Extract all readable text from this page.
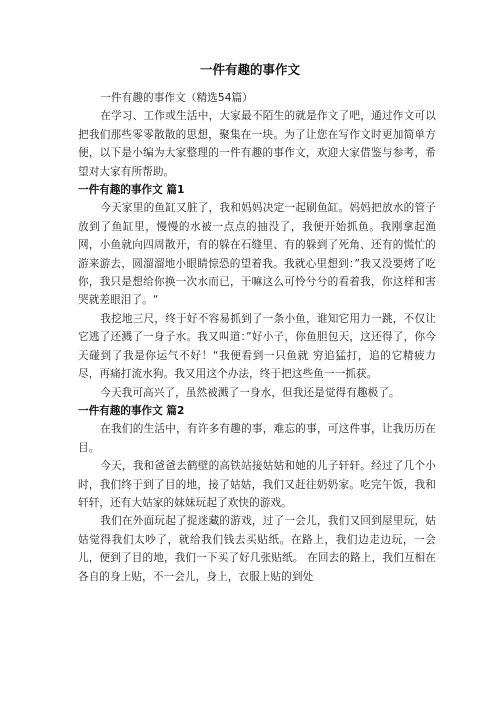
一件有趣的事作文

一件有趣的事作文（精选54篇）

在学习、工作或生活中，大家最不陌生的就是作文了吧，通过作文可以把我们那些零零散散的思想，聚集在一块。为了让您在写作文时更加简单方便，以下是小编为大家整理的一件有趣的事作文，欢迎大家借鉴与参考，希望对大家有所帮助。

一件有趣的事作文 篇1

今天家里的鱼缸又脏了，我和妈妈决定一起刷鱼缸。妈妈把放水的管子放到了鱼缸里，慢慢的水被一点点的抽没了，我便开始抓鱼。我刚拿起渔网，小鱼就向四周散开，有的躲在石缝里、有的躲到了死角、还有的慌忙的游来游去，圆溜溜地小眼睛惊恐的望着我。我就心里想到：”我又没要烤了吃你，我只是想给你换一次水而已，干嘛这么可怜兮兮的看着我，你这样和害哭就差眼泪了。“

我挖地三尺，终于好不容易抓到了一条小鱼，谁知它用力一跳，不仅让它逃了还溅了一身子水。我又叫道：”好小子，你鱼胆包天，这还得了，你今天碰到了我是你运气不好！“我便看到一只鱼就 穷追猛打，追的它精疲力尽，再痛打流水狗。我又用这个办法，终于把这些鱼一一抓获。

今天我可高兴了，虽然被溅了一身水，但我还是觉得有趣极了。

一件有趣的事作文 篇2

在我们的生活中，有许多有趣的事，难忘的事，可这件事，让我历历在目。

今天，我和爸爸去鹤壁的高铁站接姑姑和她的儿子轩轩。经过了几个小时，我们终于到了目的地，接了姑姑，我们又赶往奶奶家。吃完午饭，我和轩轩，还有大姑家的妹妹玩起了欢快的游戏。

我们在外面玩起了捉迷藏的游戏，过了一会儿，我们又回到屋里玩，姑姑觉得我们太吵了，就给我们钱去买贴纸。在路上，我们边走边玩，一会儿，便到了目的地，我们一下买了好几张贴纸。 在回去的路上，我们互相在各自的身上贴，不一会儿，身上，衣服上贴的到处
